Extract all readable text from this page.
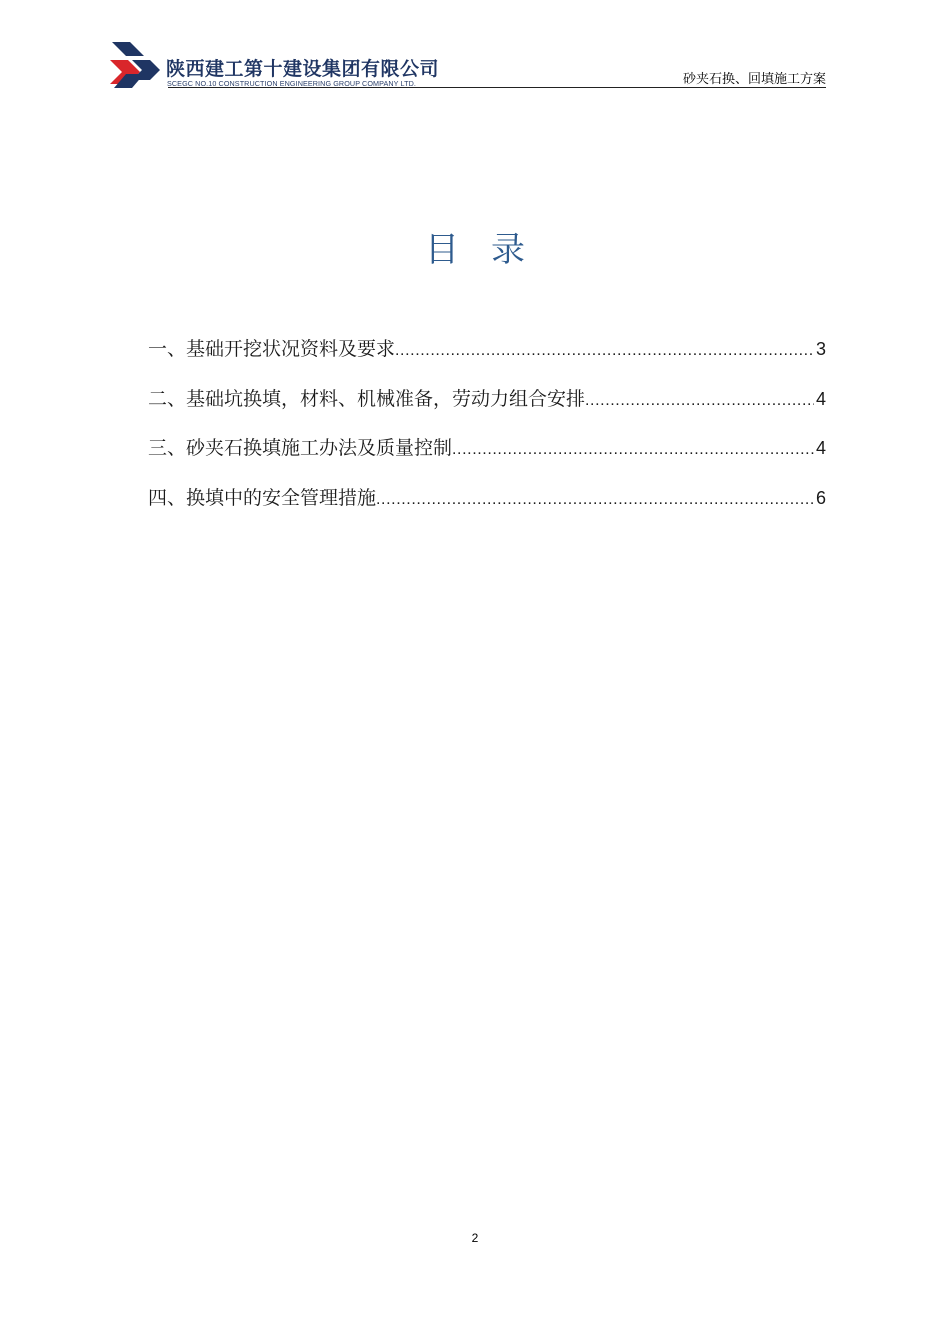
陕西建工第十建设集团有限公司
SCEGC NO.10 CONSTRUCTION ENGINEERING GROUP COMPANY LTD.	砂夹石换、回填施工方案
目录
一、基础开挖状况资料及要求 .....	3
二、基础坑换填，材料、机械准备，劳动力组合安排 .....	4
三、砂夹石换填施工办法及质量控制 .....	4
四、换填中的安全管理措施 .....	6
2
